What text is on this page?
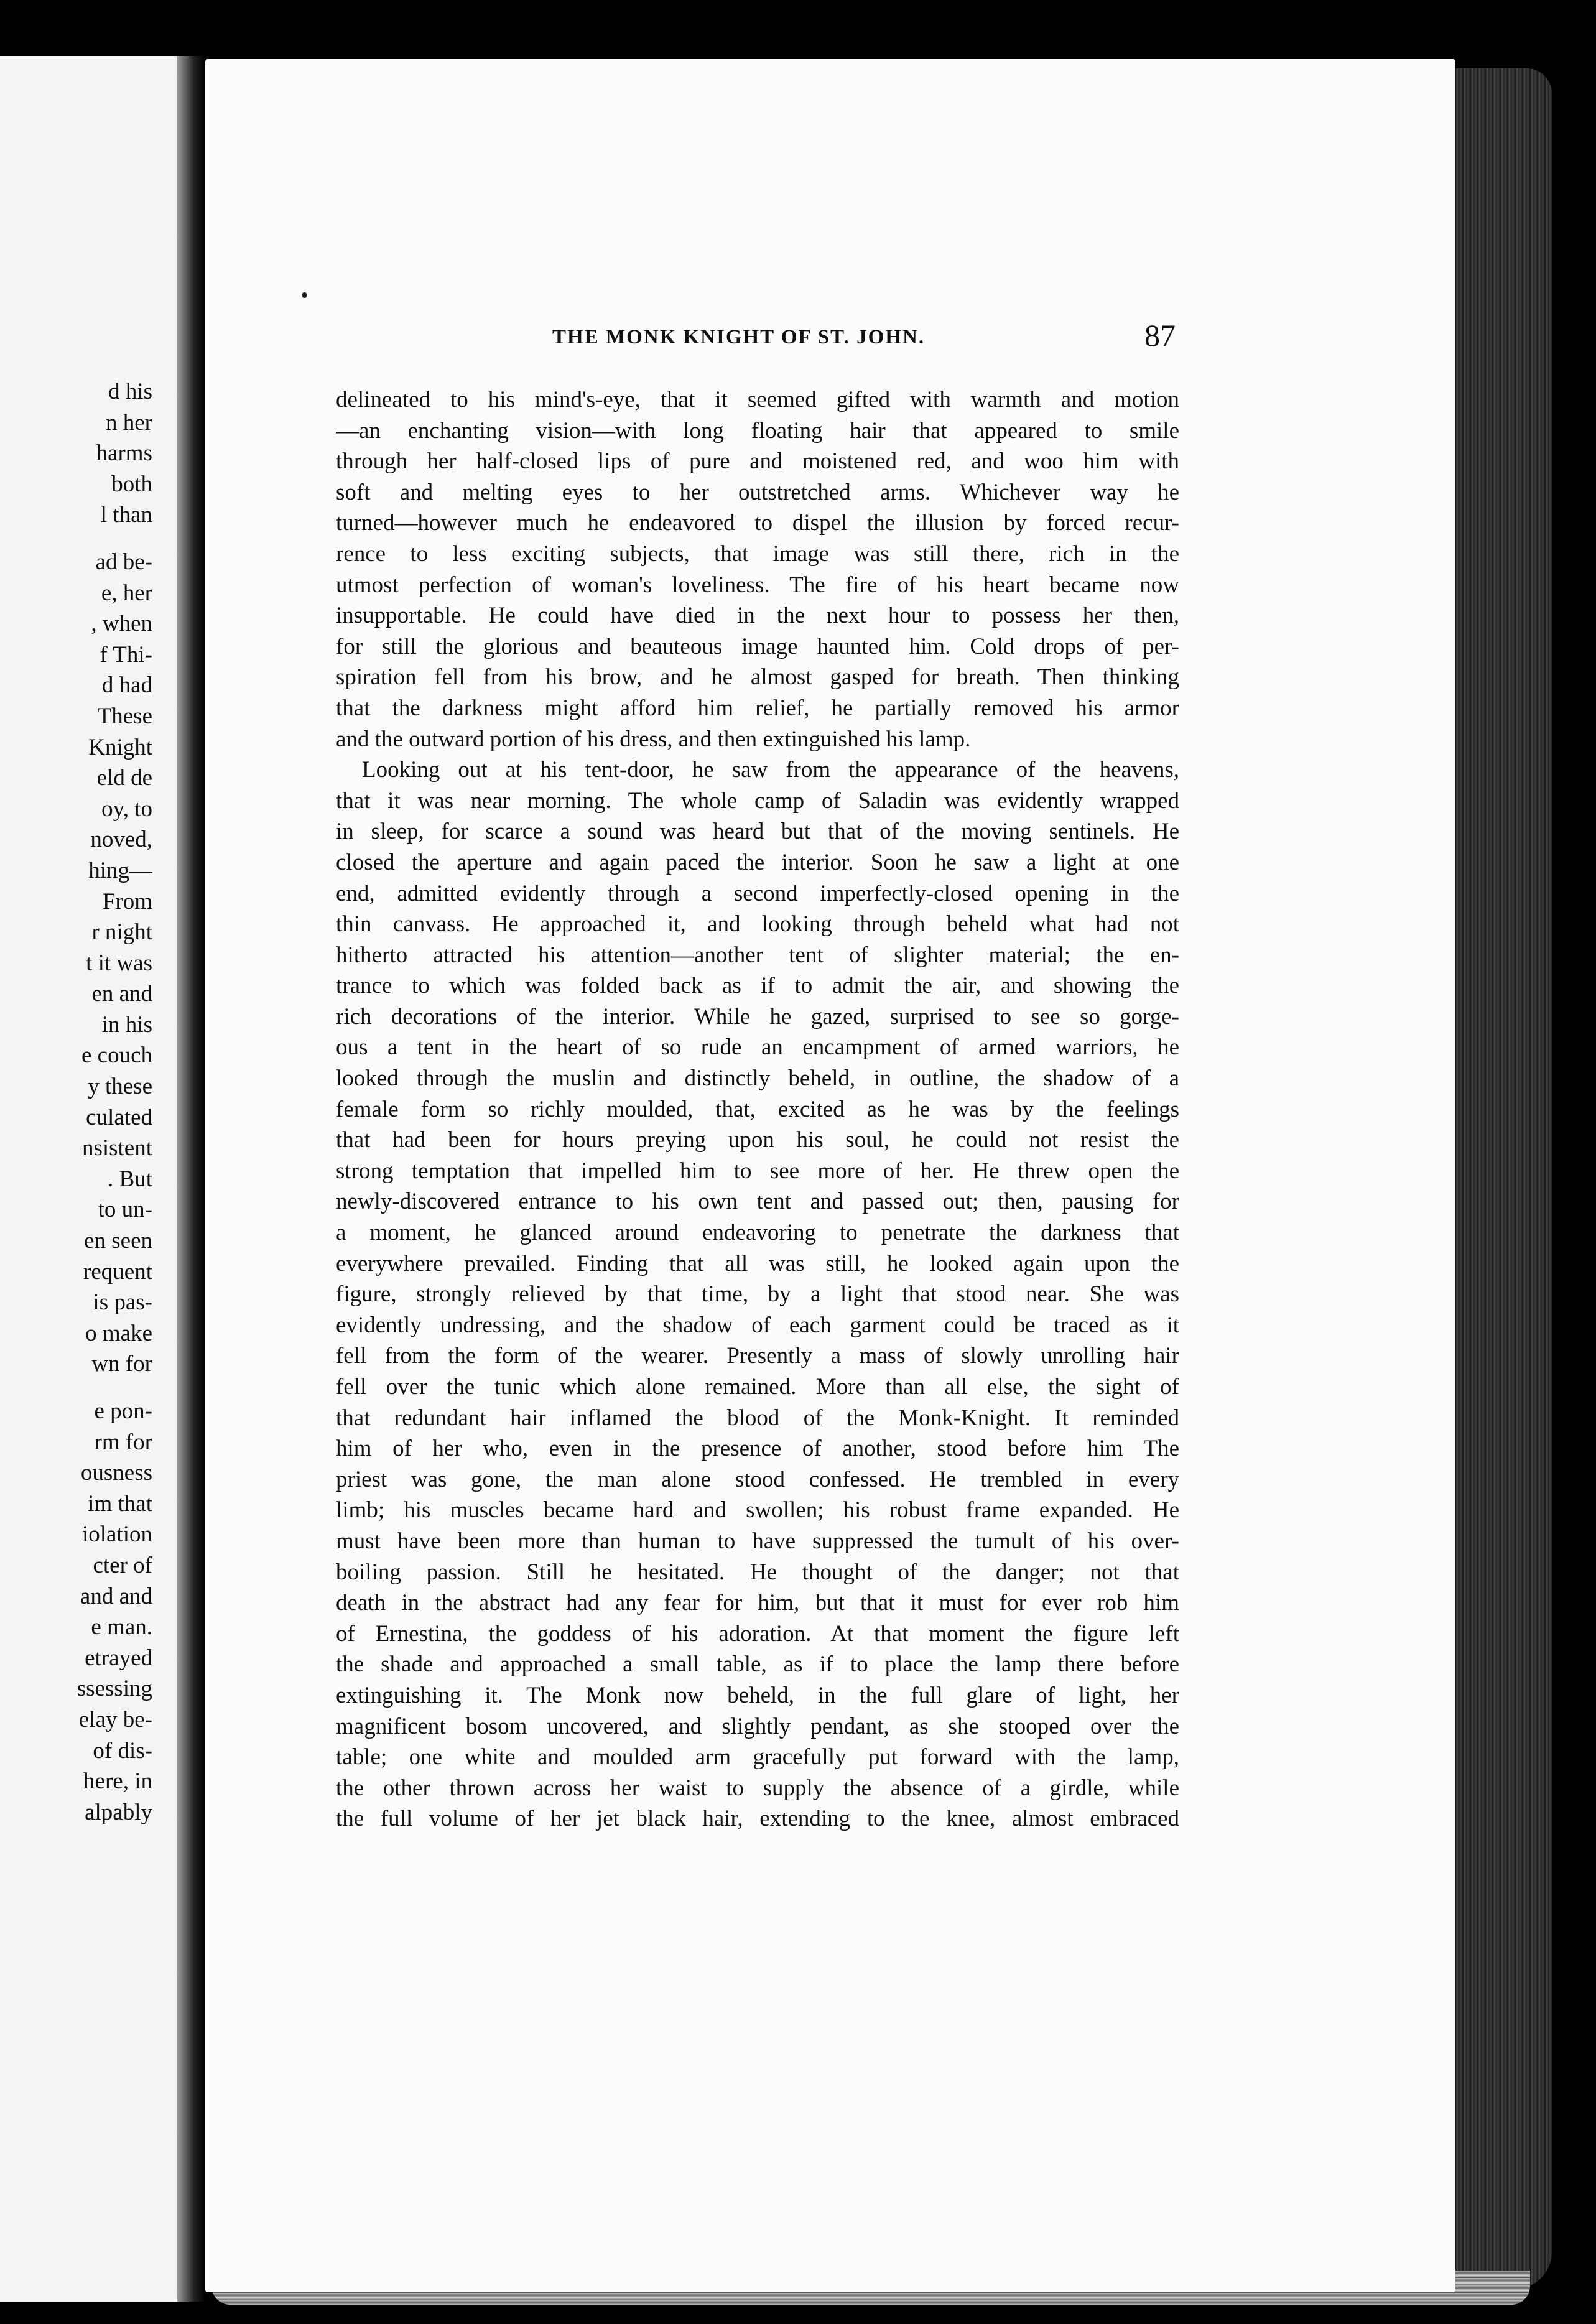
d his
n her
harms
both
l than
ad be-
e, her
, when
f Thi-
d had
These
Knight
eld de
oy, to
noved,
hing—
From
r night
t it was
en and
in his
e couch
y these
culated
nsistent
. But
to un-
en seen
requent
is pas-
o make
wn for
e pon-
rm for
ousness
im that
iolation
cter of
and and
e man.
etrayed
ssessing
elay be-
of dis-
here, in
alpably
THE MONK KNIGHT OF ST. JOHN.	87
delineated to his mind's-eye, that it seemed gifted with warmth and motion
—an enchanting vision—with long floating hair that appeared to smile
through her half-closed lips of pure and moistened red, and woo him with
soft and melting eyes to her outstretched arms. Whichever way he
turned—however much he endeavored to dispel the illusion by forced recur-
rence to less exciting subjects, that image was still there, rich in the
utmost perfection of woman's loveliness. The fire of his heart became now
insupportable. He could have died in the next hour to possess her then,
for still the glorious and beauteous image haunted him. Cold drops of per-
spiration fell from his brow, and he almost gasped for breath. Then thinking
that the darkness might afford him relief, he partially removed his armor
and the outward portion of his dress, and then extinguished his lamp.
Looking out at his tent-door, he saw from the appearance of the heavens,
that it was near morning. The whole camp of Saladin was evidently wrapped
in sleep, for scarce a sound was heard but that of the moving sentinels. He
closed the aperture and again paced the interior. Soon he saw a light at one
end, admitted evidently through a second imperfectly-closed opening in the
thin canvass. He approached it, and looking through beheld what had not
hitherto attracted his attention—another tent of slighter material; the en-
trance to which was folded back as if to admit the air, and showing the
rich decorations of the interior. While he gazed, surprised to see so gorge-
ous a tent in the heart of so rude an encampment of armed warriors, he
looked through the muslin and distinctly beheld, in outline, the shadow of a
female form so richly moulded, that, excited as he was by the feelings
that had been for hours preying upon his soul, he could not resist the
strong temptation that impelled him to see more of her. He threw open the
newly-discovered entrance to his own tent and passed out; then, pausing for
a moment, he glanced around endeavoring to penetrate the darkness that
everywhere prevailed. Finding that all was still, he looked again upon the
figure, strongly relieved by that time, by a light that stood near. She was
evidently undressing, and the shadow of each garment could be traced as it
fell from the form of the wearer. Presently a mass of slowly unrolling hair
fell over the tunic which alone remained. More than all else, the sight of
that redundant hair inflamed the blood of the Monk-Knight. It reminded
him of her who, even in the presence of another, stood before him The
priest was gone, the man alone stood confessed. He trembled in every
limb; his muscles became hard and swollen; his robust frame expanded. He
must have been more than human to have suppressed the tumult of his over-
boiling passion. Still he hesitated. He thought of the danger; not that
death in the abstract had any fear for him, but that it must for ever rob him
of Ernestina, the goddess of his adoration. At that moment the figure left
the shade and approached a small table, as if to place the lamp there before
extinguishing it. The Monk now beheld, in the full glare of light, her
magnificent bosom uncovered, and slightly pendant, as she stooped over the
table; one white and moulded arm gracefully put forward with the lamp,
the other thrown across her waist to supply the absence of a girdle, while
the full volume of her jet black hair, extending to the knee, almost embraced
